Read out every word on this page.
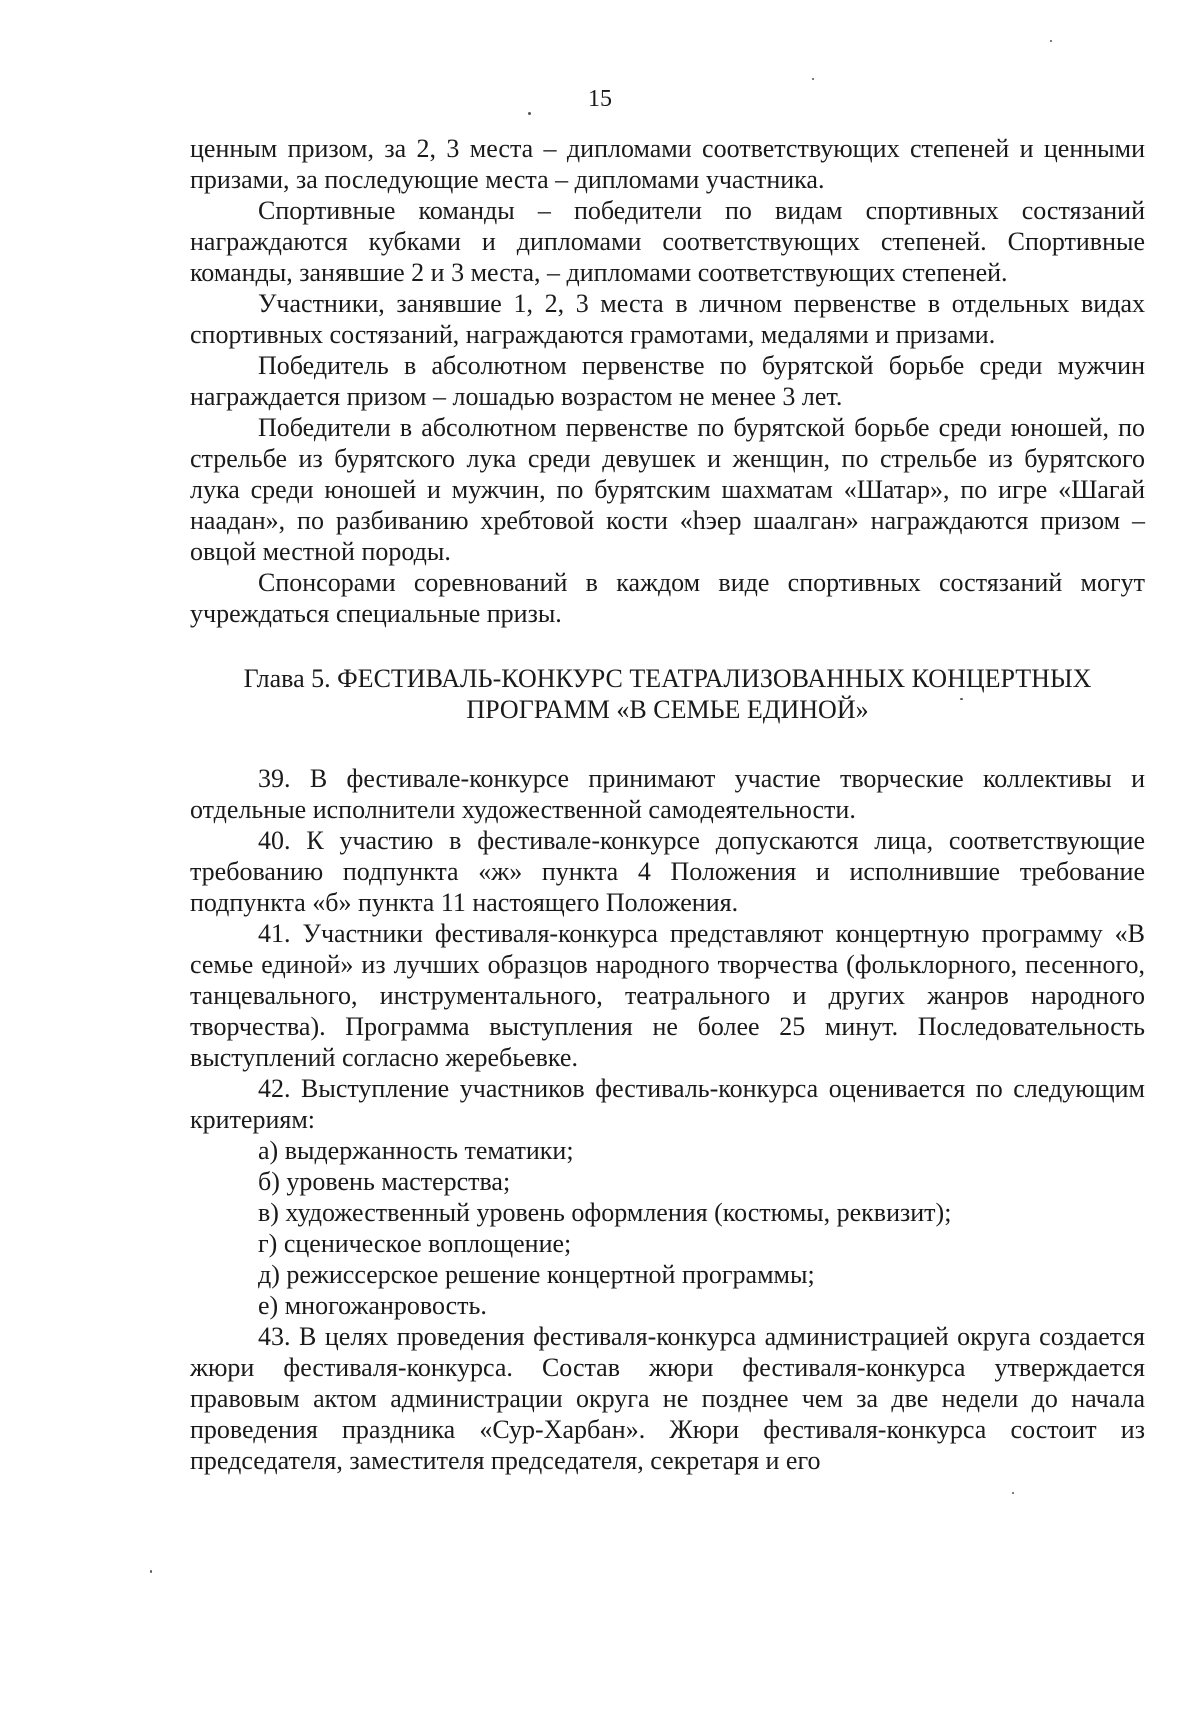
15

ценным призом, за 2, 3 места – дипломами соответствующих степеней и ценными призами, за последующие места – дипломами участника.

Спортивные команды – победители по видам спортивных состязаний награждаются кубками и дипломами соответствующих степеней. Спортивные команды, занявшие 2 и 3 места, – дипломами соответствующих степеней.

Участники, занявшие 1, 2, 3 места в личном первенстве в отдельных видах спортивных состязаний, награждаются грамотами, медалями и призами.

Победитель в абсолютном первенстве по бурятской борьбе среди мужчин награждается призом – лошадью возрастом не менее 3 лет.

Победители в абсолютном первенстве по бурятской борьбе среди юношей, по стрельбе из бурятского лука среди девушек и женщин, по стрельбе из бурятского лука среди юношей и мужчин, по бурятским шахматам «Шатар», по игре «Шагай наадан», по разбиванию хребтовой кости «һэер шаалган» награждаются призом – овцой местной породы.

Спонсорами соревнований в каждом виде спортивных состязаний могут учреждаться специальные призы.

Глава 5. ФЕСТИВАЛЬ-КОНКУРС ТЕАТРАЛИЗОВАННЫХ КОНЦЕРТНЫХ
ПРОГРАММ «В СЕМЬЕ ЕДИНОЙ»

39. В фестивале-конкурсе принимают участие творческие коллективы и отдельные исполнители художественной самодеятельности.

40. К участию в фестивале-конкурсе допускаются лица, соответствующие требованию подпункта «ж» пункта 4 Положения и исполнившие требование подпункта «б» пункта 11 настоящего Положения.

41. Участники фестиваля-конкурса представляют концертную программу «В семье единой» из лучших образцов народного творчества (фольклорного, песенного, танцевального, инструментального, театрального и других жанров народного творчества). Программа выступления не более 25 минут. Последовательность выступлений согласно жеребьевке.

42. Выступление участников фестиваль-конкурса оценивается по следующим критериям:

а) выдержанность тематики;

б) уровень мастерства;

в) художественный уровень оформления (костюмы, реквизит);

г) сценическое воплощение;

д) режиссерское решение концертной программы;

е) многожанровость.

43. В целях проведения фестиваля-конкурса администрацией округа создается жюри фестиваля-конкурса. Состав жюри фестиваля-конкурса утверждается правовым актом администрации округа не позднее чем за две недели до начала проведения праздника «Сур-Харбан». Жюри фестиваля-конкурса состоит из председателя, заместителя председателя, секретаря и его
